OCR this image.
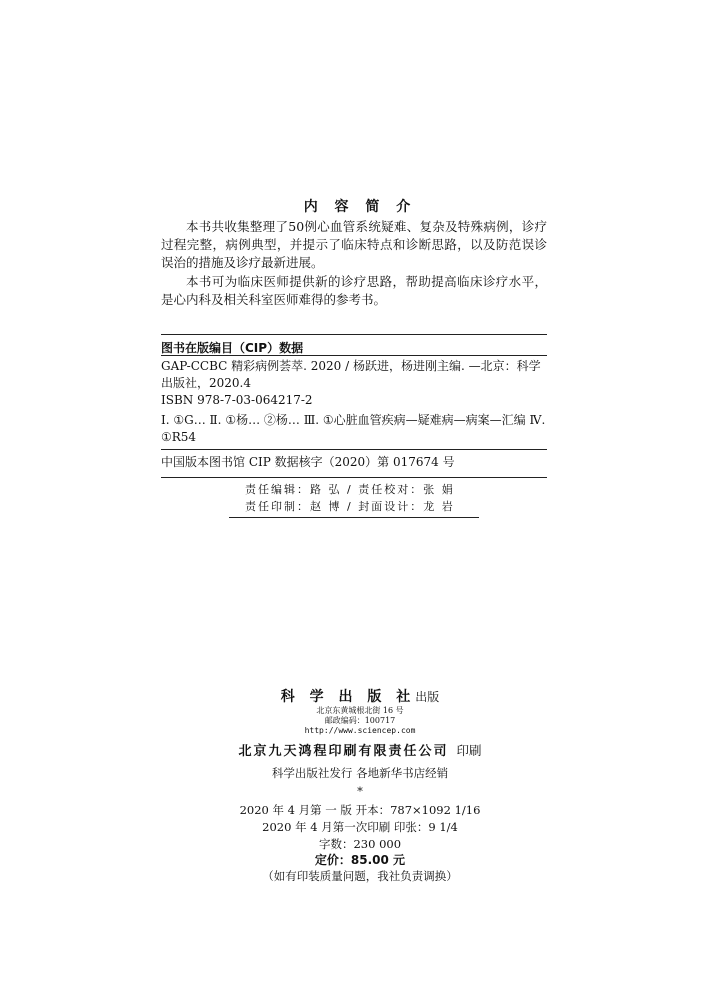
内 容 简 介

本书共收集整理了50例心血管系统疑难、复杂及特殊病例，诊疗过程完整，病例典型，并提示了临床特点和诊断思路，以及防范误诊误治的措施及诊疗最新进展。

本书可为临床医师提供新的诊疗思路，帮助提高临床诊疗水平，是心内科及相关科室医师难得的参考书。

图书在版编目（CIP）数据
GAP-CCBC 精彩病例荟萃. 2020 / 杨跃进，杨进刚主编. —北京：科学出版社，2020.4
ISBN 978-7-03-064217-2
Ⅰ. ①G… Ⅱ. ①杨… ②杨… Ⅲ. ①心脏血管疾病—疑难病—病案—汇编 Ⅳ. ①R54
中国版本图书馆 CIP 数据核字（2020）第 017674 号
责任编辑：路 弘 / 责任校对：张 娟
责任印制：赵 博 / 封面设计：龙 岩
科 学 出 版 社出版
北京东黄城根北街 16 号
邮政编码：100717
http://www.sciencep.com
北京九天鸿程印刷有限责任公司 印刷
科学出版社发行 各地新华书店经销
*
2020 年 4 月第 一 版 开本：787×1092 1/16
2020 年 4 月第一次印刷 印张：9 1/4
字数：230 000
定价：85.00 元
（如有印装质量问题，我社负责调换）
